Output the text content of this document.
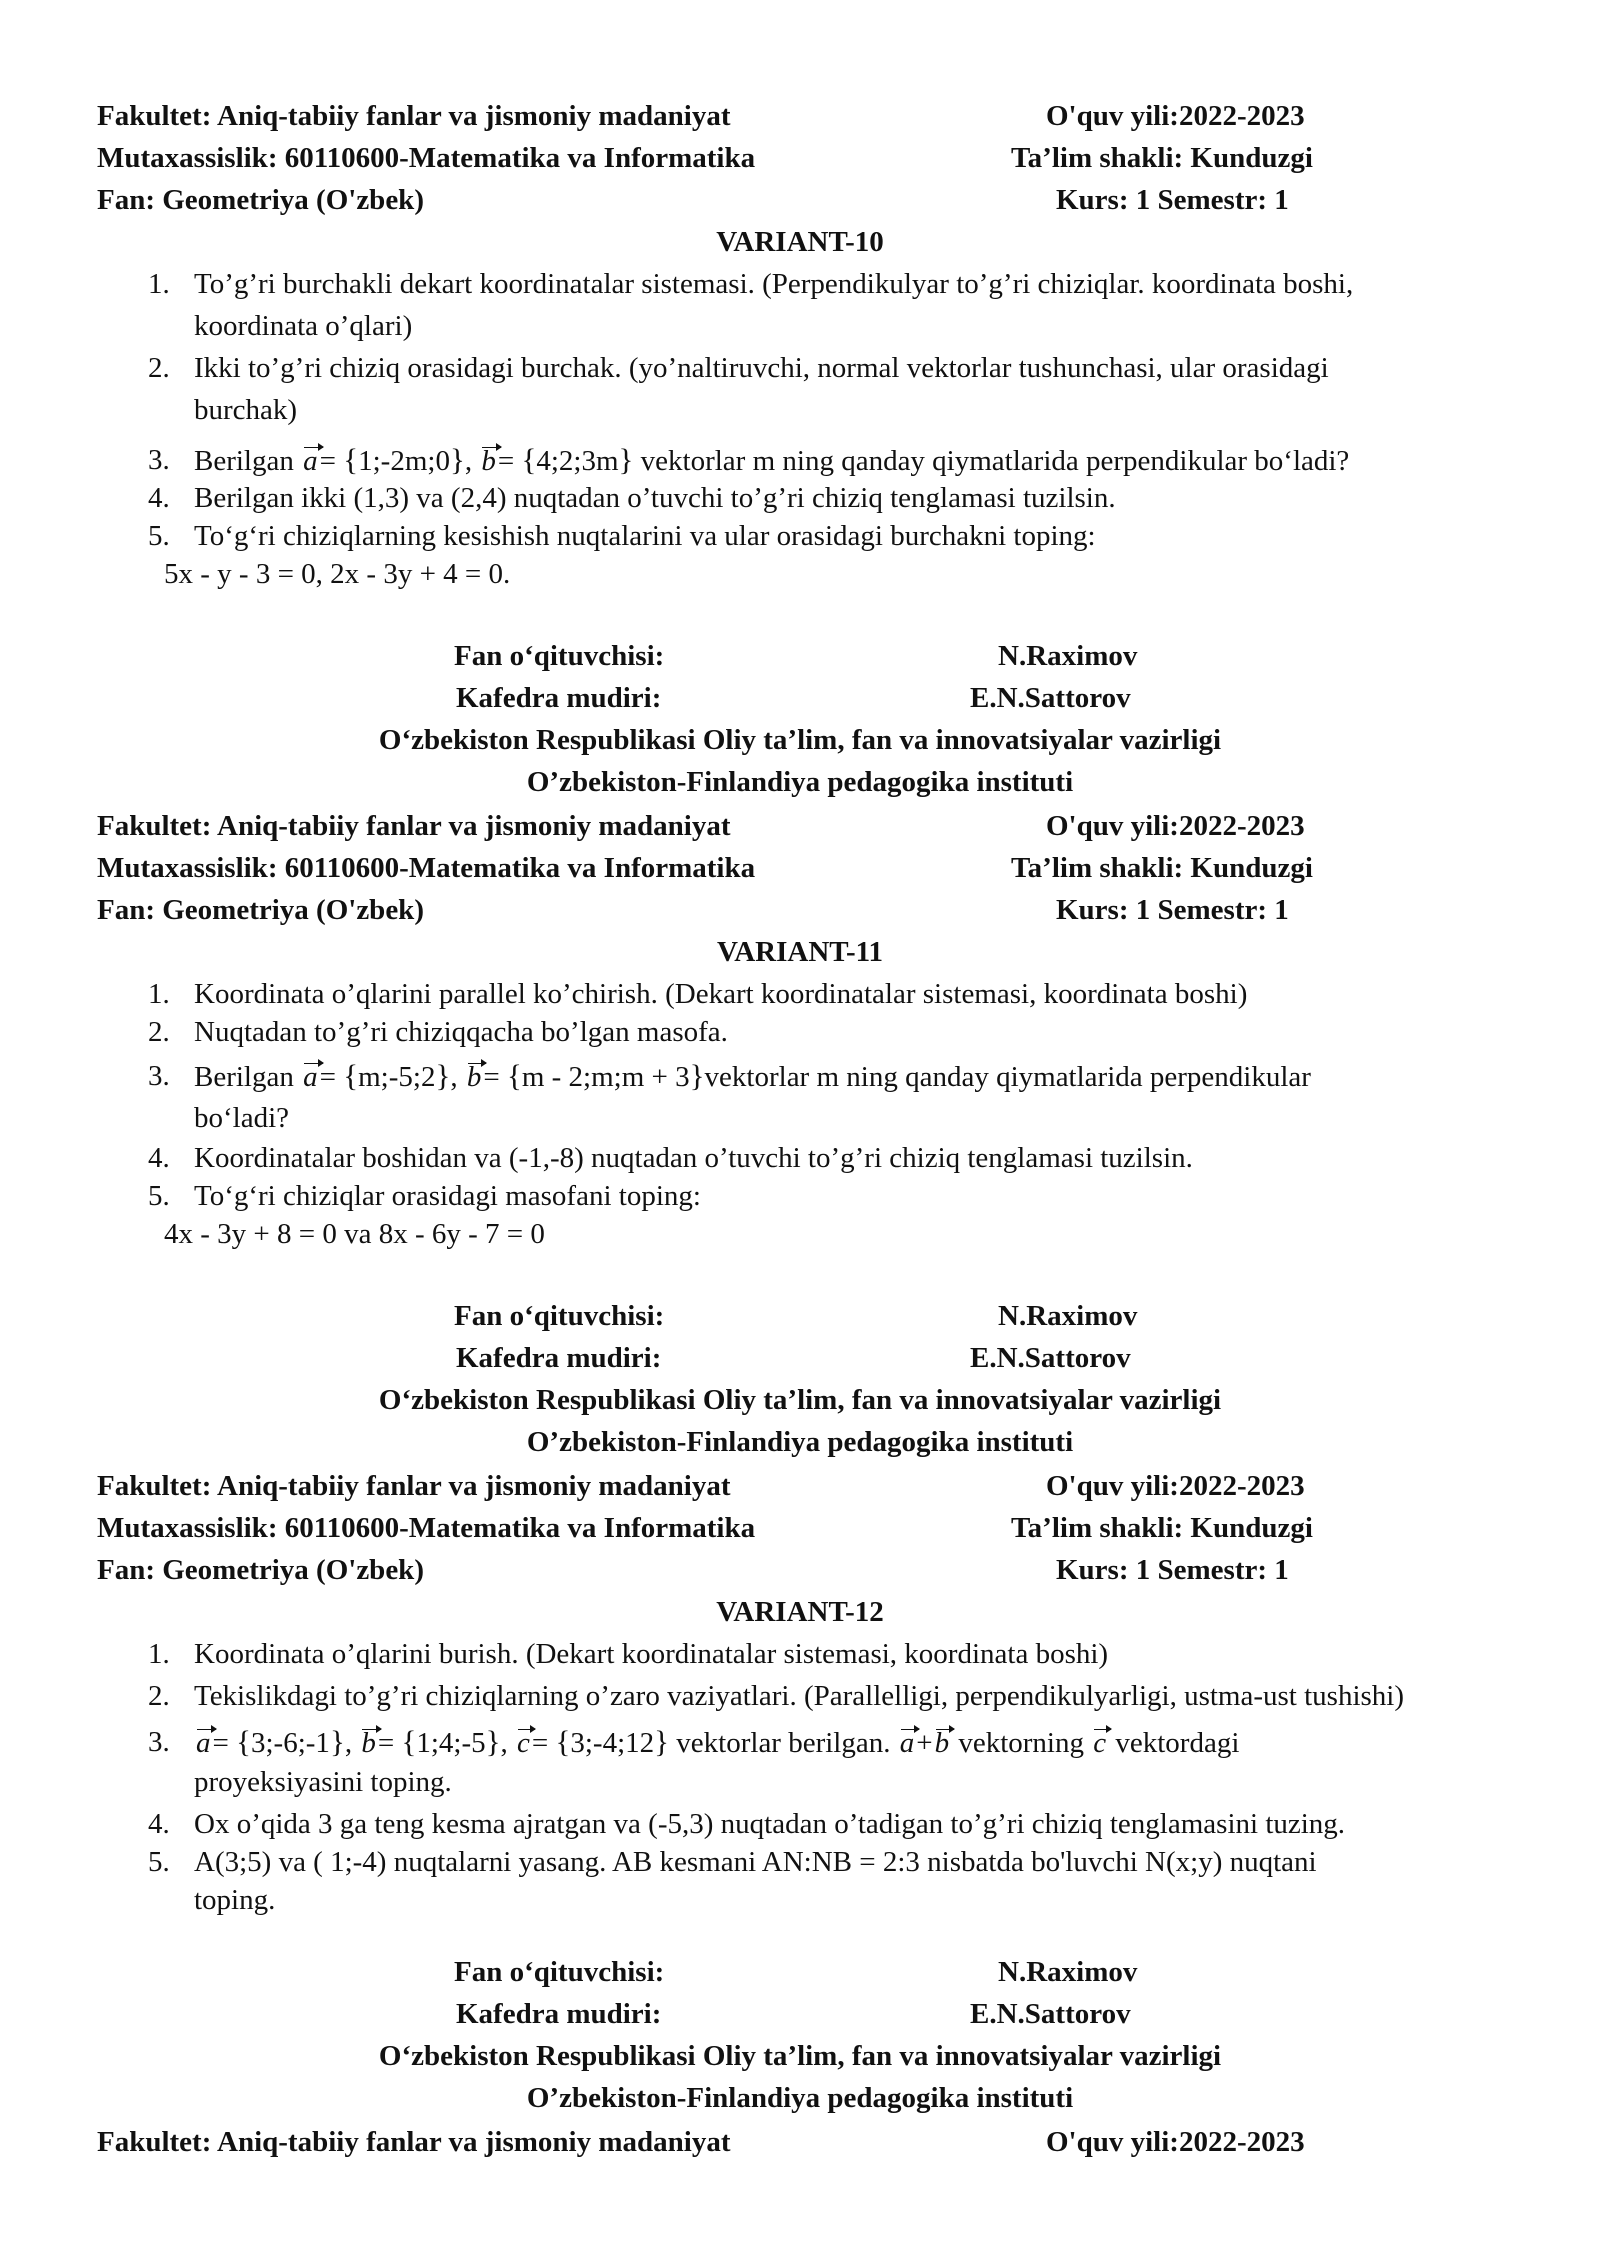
Fakultet: Aniq-tabiiy fanlar va jismoniy madaniyat	O'quv yili:2022-2023

Mutaxassislik: 60110600-Matematika va Informatika	Ta’lim shakli: Kunduzgi

Fan: Geometriya (O'zbek)	Kurs: 1 Semestr: 1

VARIANT-10

1. To’g’ri burchakli dekart koordinatalar sistemasi. (Perpendikulyar to’g’ri chiziqlar. koordinata boshi,

koordinata o’qlari)

2. Ikki to’g’ri chiziq orasidagi burchak. (yo’naltiruvchi, normal vektorlar tushunchasi, ular orasidagi

burchak)

3. Berilgan a= {1;-2m;0}, b= {4;2;3m} vektorlar m ning qanday qiymatlarida perpendikular bo‘ladi?

4. Berilgan ikki (1,3) va (2,4) nuqtadan o’tuvchi to’g’ri chiziq tenglamasi tuzilsin.

5. To‘g‘ri chiziqlarning kesishish nuqtalarini va ular orasidagi burchakni toping:

5x - y - 3 = 0, 2x - 3y + 4 = 0.

Fan o‘qituvchisi:	N.Raximov

Kafedra mudiri:	E.N.Sattorov

O‘zbekiston Respublikasi Oliy ta’lim, fan va innovatsiyalar vazirligi

O’zbekiston-Finlandiya pedagogika instituti

Fakultet: Aniq-tabiiy fanlar va jismoniy madaniyat	O'quv yili:2022-2023

Mutaxassislik: 60110600-Matematika va Informatika	Ta’lim shakli: Kunduzgi

Fan: Geometriya (O'zbek)	Kurs: 1 Semestr: 1

VARIANT-11

1. Koordinata o’qlarini parallel ko’chirish. (Dekart koordinatalar sistemasi, koordinata boshi)

2. Nuqtadan to’g’ri chiziqqacha bo’lgan masofa.

3. Berilgan a= {m;-5;2}, b= {m - 2;m;m + 3}vektorlar m ning qanday qiymatlarida perpendikular

bo‘ladi?

4. Koordinatalar boshidan va (-1,-8) nuqtadan o’tuvchi to’g’ri chiziq tenglamasi tuzilsin.

5. To‘g‘ri chiziqlar orasidagi masofani toping:

4x - 3y + 8 = 0 va 8x - 6y - 7 = 0

Fan o‘qituvchisi:	N.Raximov

Kafedra mudiri:	E.N.Sattorov

O‘zbekiston Respublikasi Oliy ta’lim, fan va innovatsiyalar vazirligi

O’zbekiston-Finlandiya pedagogika instituti

Fakultet: Aniq-tabiiy fanlar va jismoniy madaniyat	O'quv yili:2022-2023

Mutaxassislik: 60110600-Matematika va Informatika	Ta’lim shakli: Kunduzgi

Fan: Geometriya (O'zbek)	Kurs: 1 Semestr: 1

VARIANT-12

1. Koordinata o’qlarini burish. (Dekart koordinatalar sistemasi, koordinata boshi)

2. Tekislikdagi to’g’ri chiziqlarning o’zaro vaziyatlari. (Parallelligi, perpendikulyarligi, ustma-ust tushishi)

3. a= {3;-6;-1}, b= {1;4;-5}, c= {3;-4;12} vektorlar berilgan. a+b vektorning c vektordagi

proyeksiyasini toping.

4. Ox o’qida 3 ga teng kesma ajratgan va (-5,3) nuqtadan o’tadigan to’g’ri chiziq tenglamasini tuzing.

5. A(3;5) va ( 1;-4) nuqtalarni yasang. AB kesmani AN:NB = 2:3 nisbatda bo'luvchi N(x;y) nuqtani

toping.

Fan o‘qituvchisi:	N.Raximov

Kafedra mudiri:	E.N.Sattorov

O‘zbekiston Respublikasi Oliy ta’lim, fan va innovatsiyalar vazirligi

O’zbekiston-Finlandiya pedagogika instituti

Fakultet: Aniq-tabiiy fanlar va jismoniy madaniyat	O'quv yili:2022-2023
